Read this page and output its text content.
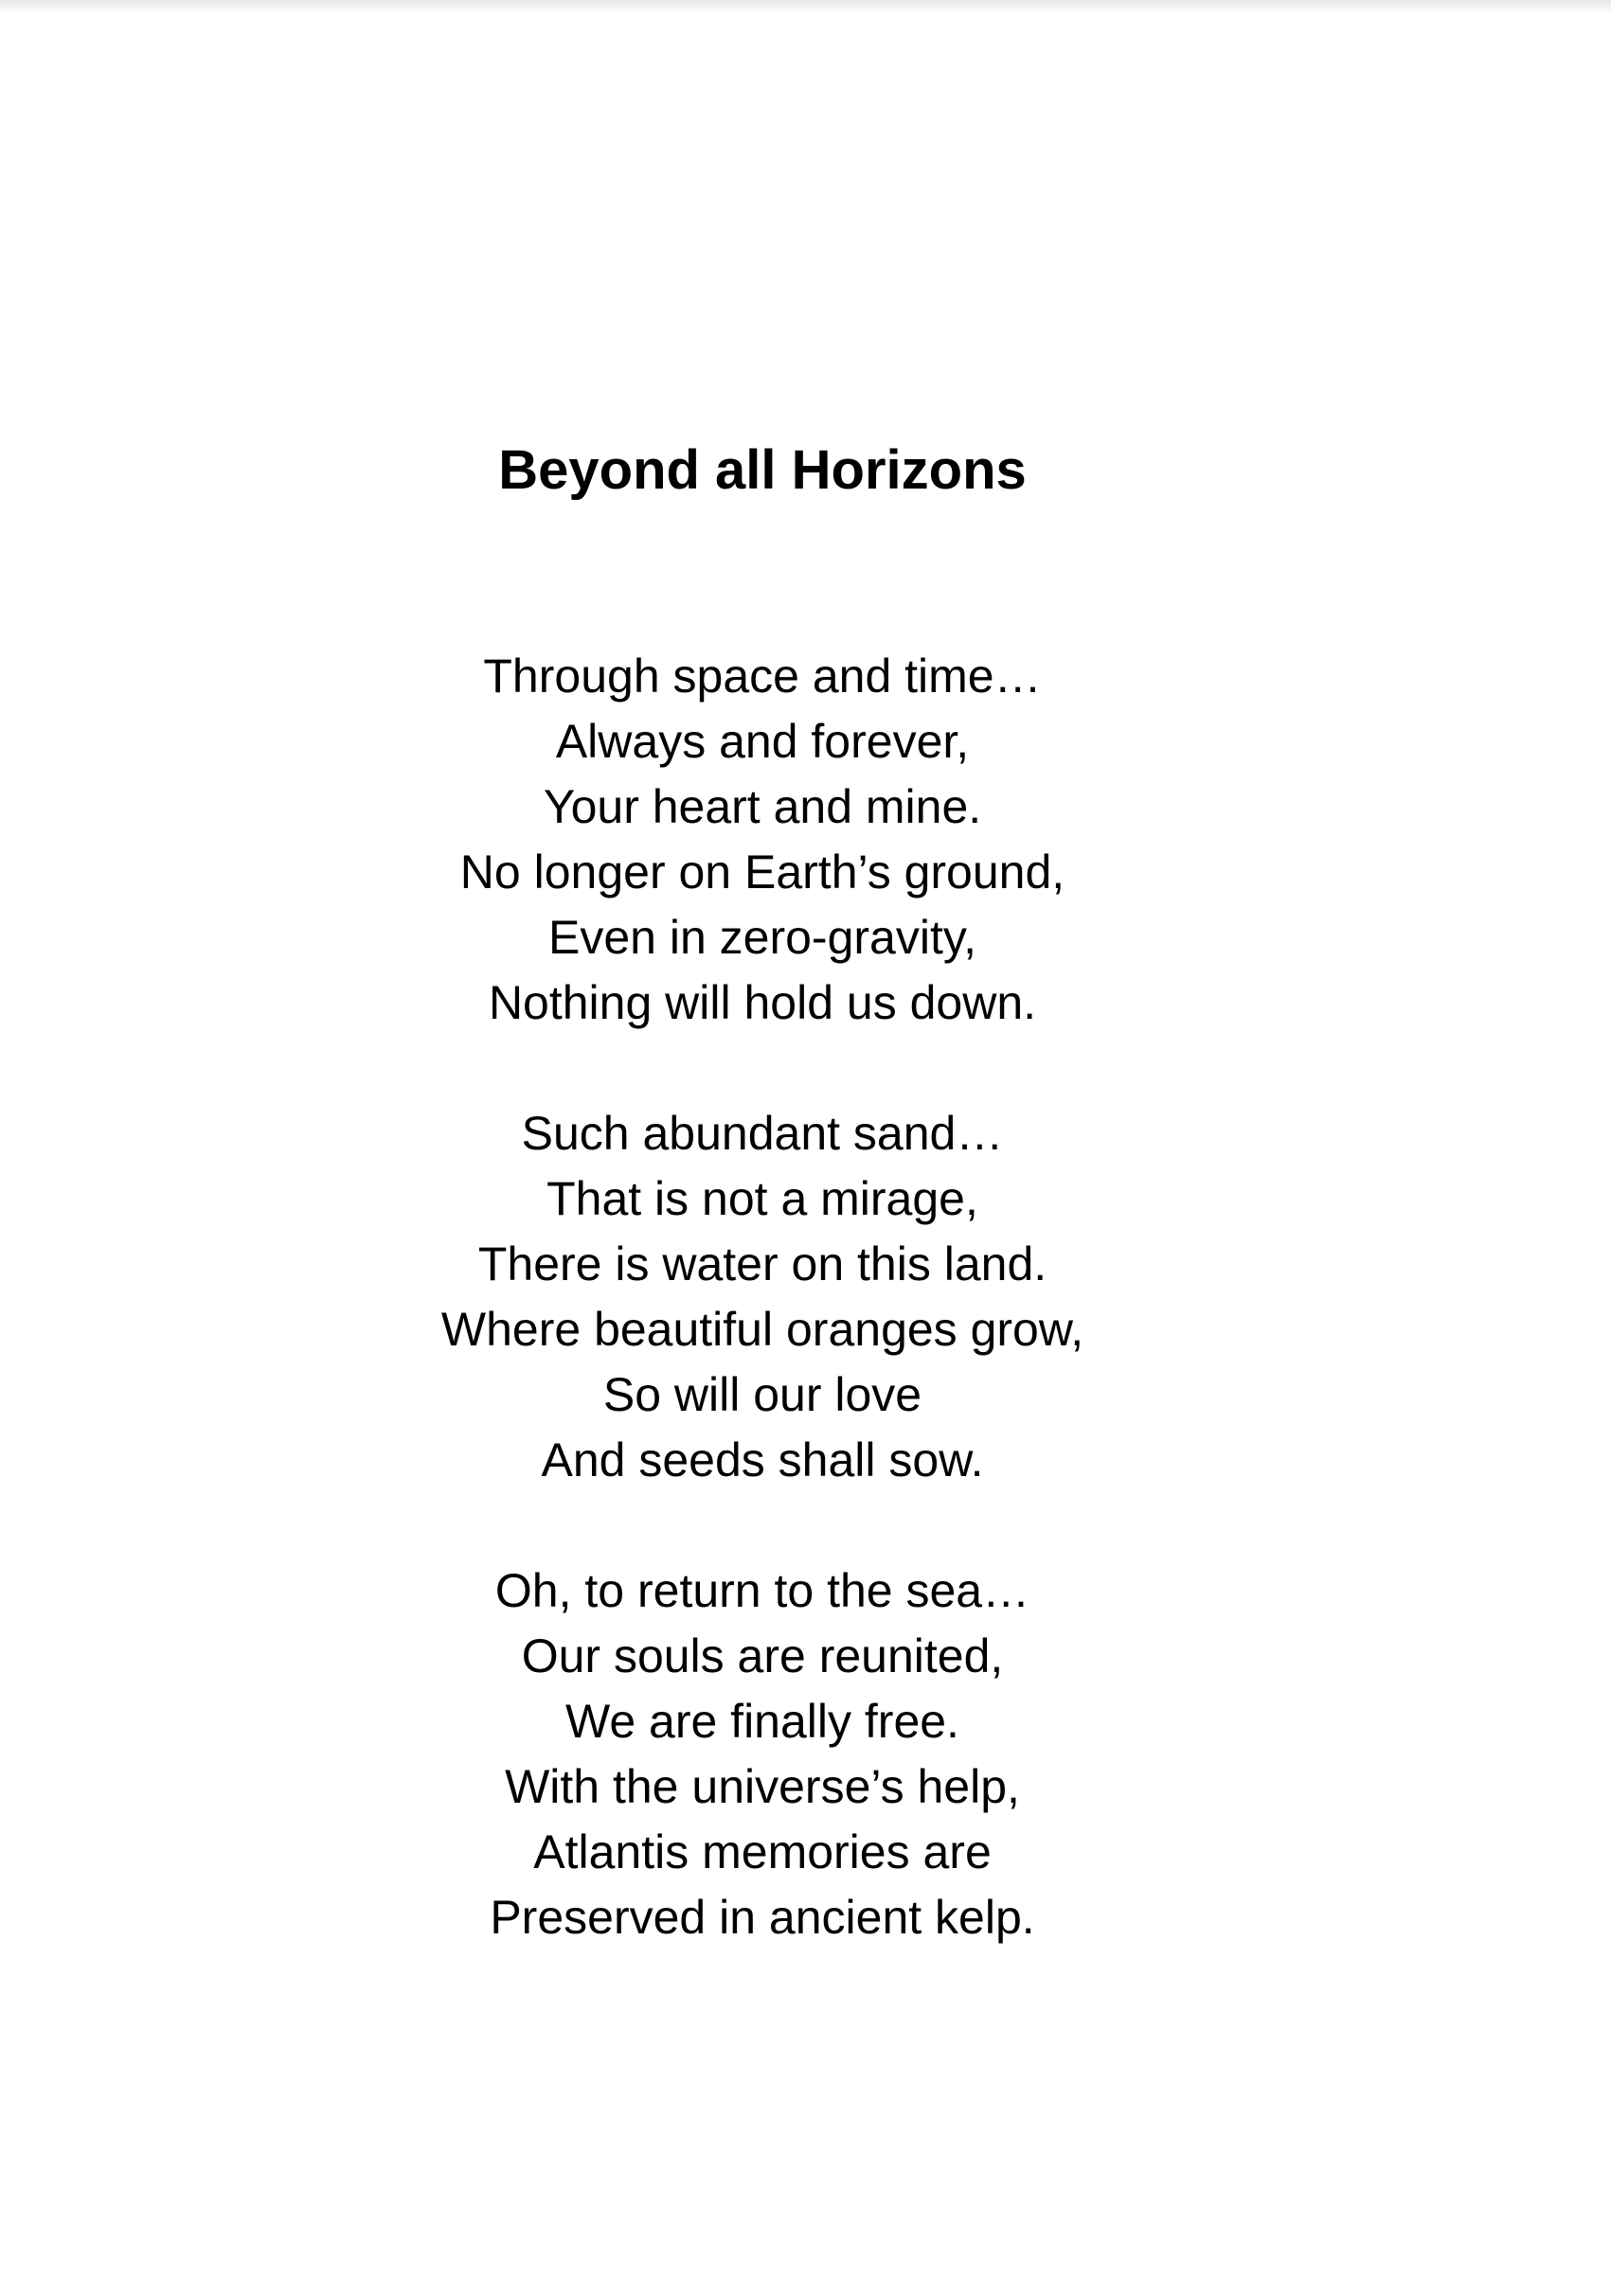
Beyond all Horizons
Through space and time…
Always and forever,
Your heart and mine.
No longer on Earth’s ground,
Even in zero-gravity,
Nothing will hold us down.
Such abundant sand…
That is not a mirage,
There is water on this land.
Where beautiful oranges grow,
So will our love
And seeds shall sow.
Oh, to return to the sea…
Our souls are reunited,
We are finally free.
With the universe’s help,
Atlantis memories are
Preserved in ancient kelp.
